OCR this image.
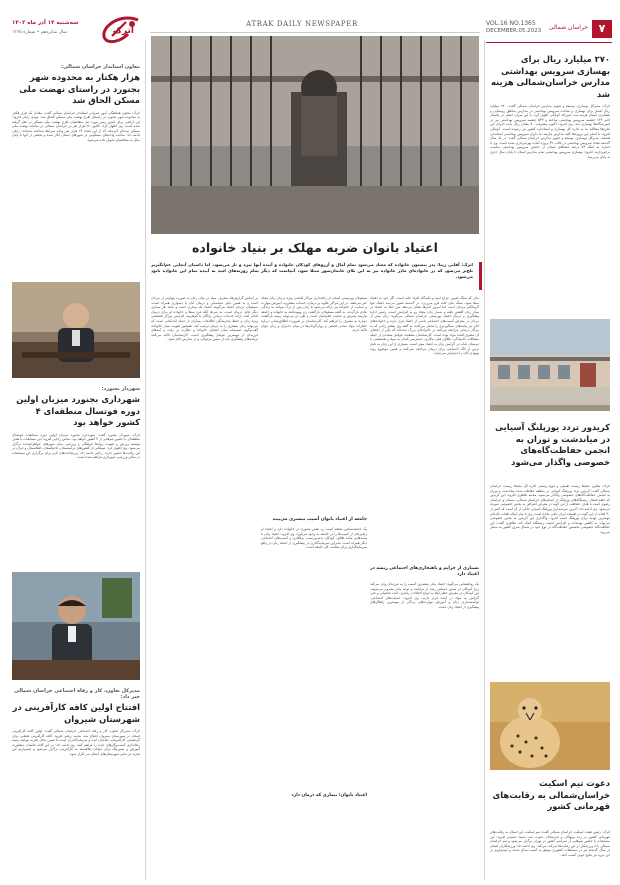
۷
خراسان شمالی
VOL.16 NO.1365
DECEMBER.05.2023
ATRAK DAILY NEWSPAPER
اترک
سه‌شنبه ۱۴ آذر ماه ۱۴۰۲
سال شانزدهم • شماره ۱۳۶۵
۲۷۰ میلیارد ریال برای بهسازی سرویس بهداشتی مدارس خراسان‌شمالی هزینه شد
اترک: مدیرکل نوسازی، توسعه و تجهیز مدارس خراسان شمالی گفت: ۲۷۰ میلیارد ریال اعتبار برای بهسازی و ساخت سرویس بهداشتی در مدارس مناطق روستایی و عشایری استان هزینه شد. امین‌اله کوچکی اظهار کرد: با این میزان اعتبار در یکسال اخیر ۱۶۴ چشمه سرویس بهداشتی ساخته و ۵۳۴ چشمه سرویس بهداشتی نیز در آموزشگاه‌ها بهسازی شد. وی افزود: اکنون پیشرفت ۷۰ مقدار ریال بابت اجرای این طرح‌ها مطالبه ما به اداره کل بهسازی و استاندارد کشور نیز رسیده است. کوچکی افزود: با اتمام این پروژه‌ها کلیه مدارس نیازمند ما دارای سرویس بهداشتی استاندارد هستند. مدیرکل نوسازی، توسعه و تجهیز مدارس خراسان شمالی گفت: در یک سال گذشته تعداد سرویس بهداشتی در قالب ۳۲ پروژه آماده بهره‌برداری شده است. وی با اشاره به اینکه ۷۴ درصد فضاهای استان از داشتن سرویس بهداشتی مناسب برخوردارند، افزود: بهسازی سرویس بهداشتی تمام مدارس استان تا پایان سال جاری به پایان می‌رسد.
کریدور تردد یوزپلنگ آسیایی در میاندشت و توران به انجمن حفاظت‌گاه‌های خصوصی واگذار می‌شود
اترک: معاون محیط زیست طبیعی و تنوع زیستی اداره کل محیط زیست خراسان شمالی گفت: کریدور تردد یوزپلنگ آسیایی در منطقه حفاظت شده میاندشت و توران به انجمن حفاظت‌گاه‌های خصوصی واگذار می‌شود. محمد طاهری افزود: این کریدور که حلقه اتصال زیستگاه‌های یوزپلنگ در استان‌های خراسان شمالی، سمنان و خراسان رضوی است با هدف حفاظت از این گونه در معرض انقراض به بخش خصوصی سپرده می‌شود. وی ادامه داد: آخرین سرشماری یوزپلنگ آسیایی حاکی از آن است که کمتر از ۳۰ قلاده از این گونه در طبیعت ایران باقی مانده است. وی با بیان اینکه تلفات جاده‌ای مهمترین تهدید برای یوزپلنگ است افزود: واگذاری این کریدور به بخش خصوصی می‌تواند به کاهش تهدیدات و افزایش امنیت زیستگاه کمک کند. طاهری گفت: این حفاظت‌گاه خصوصی نخستین حفاظت‌گاه در نوع خود در شمال شرق کشور به شمار می‌رود.
دعوت تیم اسکیت خراسان‌شمالی به رقابت‌های قهرمانی کشور
اترک: رئیس هیئت اسکیت خراسان شمالی گفت: تیم اسکیت این استان به رقابت‌های قهرمانی کشور در رده نونهالان و خردسالان دعوت شد. شیما حسینی افزود: این مسابقات با حضور تیم‌هایی از سراسر کشور در تهران برگزار می‌شود و تیم خراسان شمالی با ۸ ورزشکار در این رقابت‌ها شرکت می‌کند. وی ادامه داد: ورزشکاران استان در سال گذشته نیز در مسابقات کشوری موفق به کسب مدال شدند و امیدواریم در این دوره نیز نتایج خوبی کسب کنند.
اعتیاد بانوان ضربه مهلک بر بنیاد خانواده
اترک: آقایی زیبا: پدر بیستون خانواده که معتاد می‌شود تمام آمال و آرزوهای کودکان خانواده و آینده آنها تیره و تار می‌شود، اما داستان آنجایی غم‌انگیزتر تلخ‌تر می‌شود که در خانواده‌ای مادر خانواده نیز به این بلای خانمان‌سوز مبتلا شود، آنچاست که دیگر تمام روزنه‌های امید به آینده تمام این خانواده نابود می‌شود.
مادر که سنگ صبور، چراغ امید و تکیه‌گاه افراد خانه است، اگر خود به اعتیاد مبتلا شود، سنگ بنای خانه فرو می‌ریزد. در گذشته تصور می‌شد اعتیاد تنها گریبانگیر مردان است اما امروز آمارها نشان می‌دهد سن ابتلا به اعتیاد در میان زنان کاهش یافته و شمار زنان معتاد رو به افزایش است. رئیس اداره پیشگیری و درمان اعتیاد بهزیستی خراسان شمالی می‌گوید: زنان بیش از مردان در معرض آسیب‌های اجتماعی ناشی از اعتیاد قرار دارند و خانواده‌های آنان نیز پیامدهای سنگین‌تری را تحمل می‌کنند. به گفته وی بیشتر زنانی که به مراکز درمانی مراجعه می‌کنند در خانواده‌ای بزرگ شده‌اند که یکی از اعضای آن مصرف‌کننده مواد بوده است. کارشناسان معتقدند عوامل متعددی از جمله مشکلات خانوادگی، طلاق، فقر، بیکاری، دسترسی آسان به مواد و همنشینی با دوستان ناباب در گرایش زنان به اعتیاد موثر است. بسیاری از این زنان به دلیل ترس از انگ اجتماعی برای درمان مراجعه نمی‌کنند و همین موضوع روند بهبودی آنان را دشوارتر می‌سازد.
بسیاری از جرایم و ناهنجاری‌های اجتماعی ریشه در اعتیاد دارد
یک روانشناس می‌گوید: اعتیاد مادر بیشترین آسیب را به فرزندان وارد می‌کند زیرا کودکان در سنین حساس رشد از مراقبت و توجه مادر محروم می‌شوند. این کودکان در معرض خطر ابتلا به انواع اختلالات رفتاری، افت تحصیلی و حتی گرایش به مواد در آینده قرار دارند. وی افزود: حمایت‌های اجتماعی، توانمندسازی زنان و آموزش مهارت‌های زندگی از مهمترین راهکارهای پیشگیری از اعتیاد زنان است.
مسئولان بهزیستی استان از راه‌اندازی مراکز اقامتی ویژه درمان زنان معتاد خبر می‌دهند. در این مراکز علاوه بر درمان، خدمات مشاوره، آموزش مهارت و حمایت از خانواده نیز ارائه می‌شود تا زنان پس از ترک بتوانند به زندگی عادی بازگردند. به گفته مسئولان، بازگشت زن بهبودیافته به خانواده و جامعه نیازمند پذیرش و حمایت اطرافیان است و طرد او می‌تواند زمینه بازگشت دوباره به مصرف را فراهم کند. کارشناسان بر ضرورت اطلاع‌رسانی درباره خطرات مواد مخدر صنعتی و روان‌گردان‌ها در میان دختران و زنان جوان تاکید دارند.
جامعه از اعتیاد بانوان آسیب بیشتری می‌بیند
یک جامعه‌شناس معتقد است زن نقش محوری در خانواده دارد و اعتیاد او زنجیره‌ای از آسیب‌ها را در جامعه به وجود می‌آورد. وی افزود: اعتیاد زنان با پیامدهایی مانند طلاق، کودکان بدسرپرست، بزهکاری و آسیب‌های اجتماعی دیگر همراه است. بنابراین سرمایه‌گذاری در پیشگیری از اعتیاد زنان در واقع سرمایه‌گذاری برای سلامت کل جامعه است.
اعتیاد بانوان؛ بیماری که درمان دارد
بر اساس گزارش‌ها، مصرف مواد در میان زنان به صورت پنهان‌تر از مردان است و به همین دلیل شناسایی و درمان آنان با دشواری همراه است. مسئولان درمان اعتیاد می‌گویند اعتیاد یک بیماری است و مانند هر بیماری دیگر قابل درمان است، به شرط آنکه فرد مبتلا و خانواده او برای درمان اقدام کنند. ارائه خدمات درمانی رایگان یا کم‌هزینه، افزایش مراکز تخصصی ویژه زنان و حفظ محرمانگی اطلاعات بیماران از جمله اقداماتی است که می‌تواند زنان بیشتری را به درمان ترغیب کند. همچنین تقویت بنیان خانواده، گفت‌وگوی صمیمانه میان اعضای خانواده و نظارت بر رفت و آمدهای فرزندان از مهمترین عوامل پیشگیری است. کارشناسان تاکید می‌کنند برنامه‌های پیشگیری باید از سنین نوجوانی و در مدارس آغاز شود.
معاون استاندار خراسان شمالی:
هزار هکتار به محدوده شهر بجنورد در راستای نهضت ملی مسکن الحاق شد
اترک: معاون هماهنگی امور عمرانی استاندار خراسان شمالی گفت: معادل یک هزار هکتار به محدوده شهر بجنورد در راستای طرح نهضت ملی مسکن الحاق شد. مهدی زابلی افزود: این اراضی برای تامین زمین مورد نیاز متقاضیان طرح نهضت ملی مسکن در نظر گرفته شده است. وی اظهار کرد: تاکنون ۲۲ هزار نفر در خراسان شمالی در سامانه نهضت ملی مسکن ثبت‌نام کرده‌اند که از این تعداد ۱۴ هزار نفر واجد شرایط شناخته شده‌اند. زابلی ادامه داد: ساخت واحدهای مسکونی در شهرهای استان آغاز شده و بخشی از آنها تا پایان سال به متقاضیان تحویل داده می‌شود.
شهردار بجنورد:
شهرداری بجنورد میزبان اولین دوره فوتسال منطقه‌ای ۴ کشور خواهد بود
اترک: شهردار بجنورد گفت: شهرداری بجنورد میزبان اولین دوره مسابقات فوتسال منطقه‌ای با حضور تیم‌هایی از ۴ کشور خواهد بود. عباس رجایی افزود: این مسابقات با هدف توسعه ورزش و تقویت روابط فرهنگی و ورزشی میان شهرهای خواهرخوانده برگزار می‌شود. وی اظهار کرد: تیم‌هایی از کشورهای ترکمنستان، تاجیکستان، افغانستان و ایران در این رقابت‌ها حضور دارند. رجایی ادامه داد: زیرساخت‌های لازم برای برگزاری این مسابقات در سالن ورزشی شهرداری فراهم شده است.
مدیرکل تعاون، کار و رفاه اجتماعی خراسان شمالی خبر داد:
افتتاح اولین کافه کارآفرینی در شهرستان شیروان
اترک: مدیرکل تعاون، کار و رفاه اجتماعی خراسان شمالی گفت: اولین کافه کارآفرینی استان در شهرستان شیروان افتتاح شد. محمد رنجبر افزود: کافه کارآفرینی فضایی برای گردهمایی کارآفرینان، صاحبان ایده و سرمایه‌گذاران است تا ضمن تبادل تجربه بتوانند زمینه راه‌اندازی کسب‌وکارهای جدید را فراهم کنند. وی ادامه داد: در این کافه جلسات مشاوره، آموزش و منتورینگ برای جوانان علاقه‌مند به کارآفرینی برگزار می‌شود و امیدواریم این تجربه در سایر شهرستان‌های استان نیز تکرار شود.
